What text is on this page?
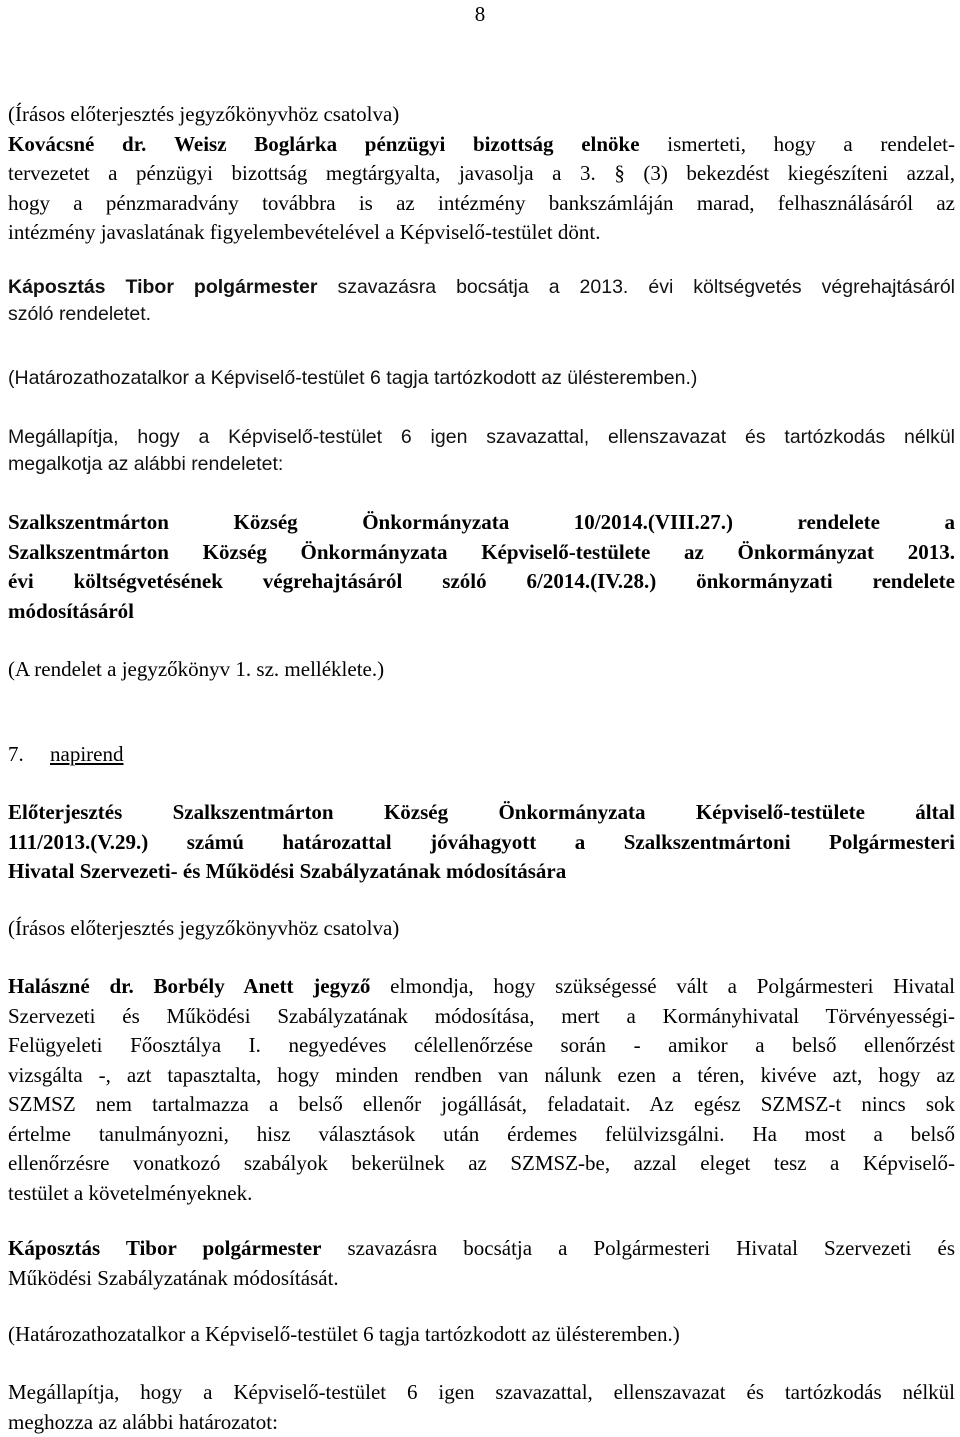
8
(Írásos előterjesztés jegyzőkönyvhöz csatolva)
Kovácsné dr. Weisz Boglárka pénzügyi bizottság elnöke ismerteti, hogy a rendelet-
tervezetet a pénzügyi bizottság megtárgyalta, javasolja a 3. § (3) bekezdést kiegészíteni azzal,
hogy a pénzmaradvány továbbra is az intézmény bankszámláján marad, felhasználásáról az
intézmény javaslatának figyelembevételével a Képviselő-testület dönt.
Káposztás Tibor polgármester szavazásra bocsátja a 2013. évi költségvetés végrehajtásáról
szóló rendeletet.
(Határozathozatalkor a Képviselő-testület 6 tagja tartózkodott az ülésteremben.)
Megállapítja, hogy a Képviselő-testület 6 igen szavazattal, ellenszavazat és tartózkodás nélkül
megalkotja az alábbi rendeletet:
Szalkszentmárton	Község	Önkormányzata	10/2014.(VIII.27.)	rendelete	a
Szalkszentmárton Község Önkormányzata Képviselő-testülete az Önkormányzat 2013.
évi költségvetésének végrehajtásáról szóló 6/2014.(IV.28.) önkormányzati rendelete
módosításáról
(A rendelet a jegyzőkönyv 1. sz. melléklete.)
7. napirend
Előterjesztés Szalkszentmárton Község Önkormányzata Képviselő-testülete által
111/2013.(V.29.) számú határozattal jóváhagyott a Szalkszentmártoni Polgármesteri
Hivatal Szervezeti- és Működési Szabályzatának módosítására
(Írásos előterjesztés jegyzőkönyvhöz csatolva)
Halászné dr. Borbély Anett jegyző elmondja, hogy szükségessé vált a Polgármesteri Hivatal
Szervezeti és Működési Szabályzatának módosítása, mert a Kormányhivatal Törvényességi-
Felügyeleti Főosztálya I. negyedéves célellenőrzése során - amikor a belső ellenőrzést
vizsgálta -, azt tapasztalta, hogy minden rendben van nálunk ezen a téren, kivéve azt, hogy az
SZMSZ nem tartalmazza a belső ellenőr jogállását, feladatait. Az egész SZMSZ-t nincs sok
értelme tanulmányozni, hisz választások után érdemes felülvizsgálni. Ha most a belső
ellenőrzésre vonatkozó szabályok bekerülnek az SZMSZ-be, azzal eleget tesz a Képviselő-
testület a követelményeknek.
Káposztás Tibor polgármester szavazásra bocsátja a Polgármesteri Hivatal Szervezeti és
Működési Szabályzatának módosítását.
(Határozathozatalkor a Képviselő-testület 6 tagja tartózkodott az ülésteremben.)
Megállapítja, hogy a Képviselő-testület 6 igen szavazattal, ellenszavazat és tartózkodás nélkül
meghozza az alábbi határozatot:
